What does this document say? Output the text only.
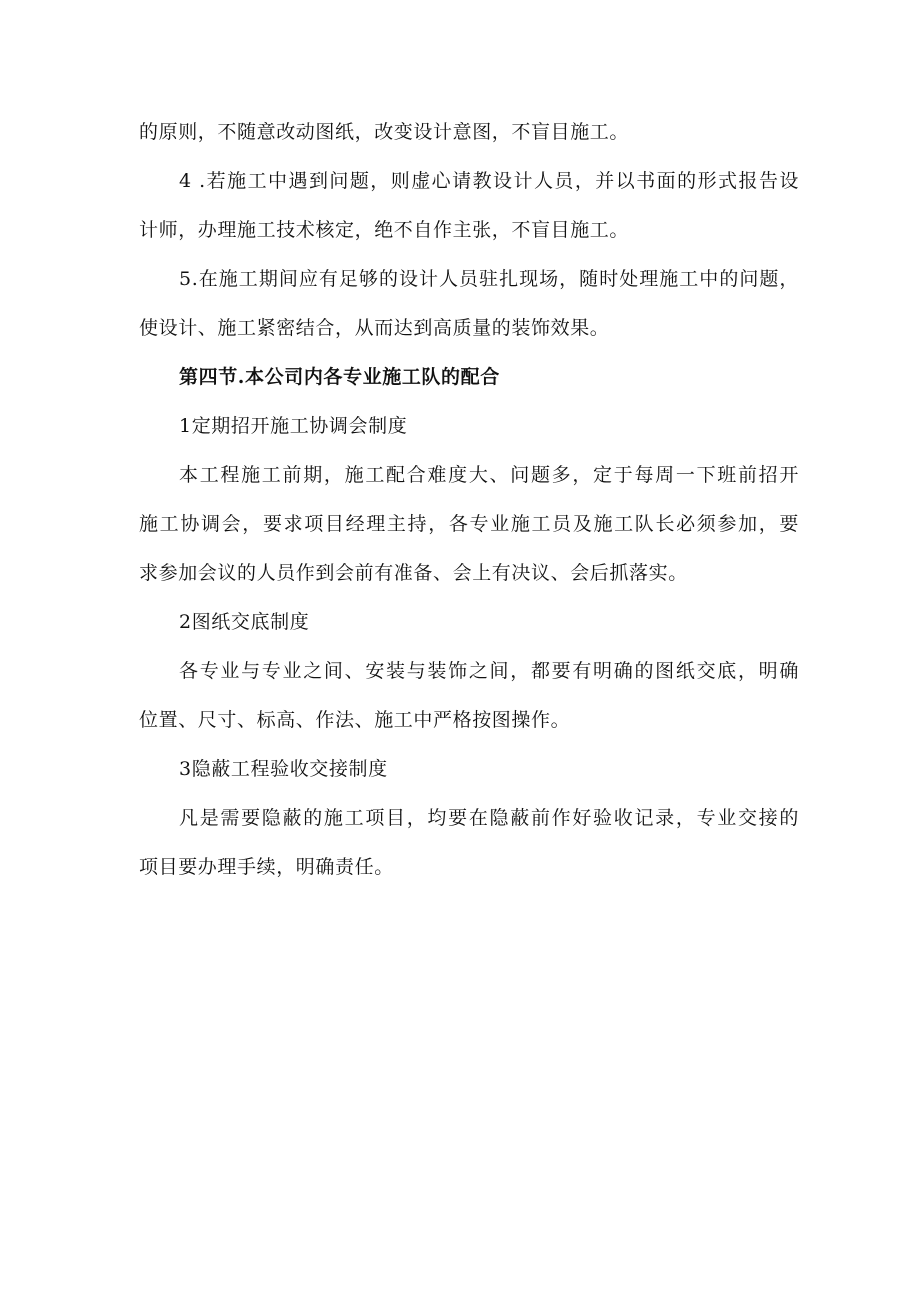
的原则，不随意改动图纸，改变设计意图，不盲目施工。
4 .若施工中遇到问题，则虚心请教设计人员，并以书面的形式报告设
计师，办理施工技术核定，绝不自作主张，不盲目施工。
5.在施工期间应有足够的设计人员驻扎现场，随时处理施工中的问题，
使设计、施工紧密结合，从而达到高质量的装饰效果。
第四节.本公司内各专业施工队的配合
1定期招开施工协调会制度
本工程施工前期，施工配合难度大、问题多，定于每周一下班前招开
施工协调会，要求项目经理主持，各专业施工员及施工队长必须参加，要
求参加会议的人员作到会前有准备、会上有决议、会后抓落实。
2图纸交底制度
各专业与专业之间、安装与装饰之间，都要有明确的图纸交底，明确
位置、尺寸、标高、作法、施工中严格按图操作。
3隐蔽工程验收交接制度
凡是需要隐蔽的施工项目，均要在隐蔽前作好验收记录，专业交接的
项目要办理手续，明确责任。
